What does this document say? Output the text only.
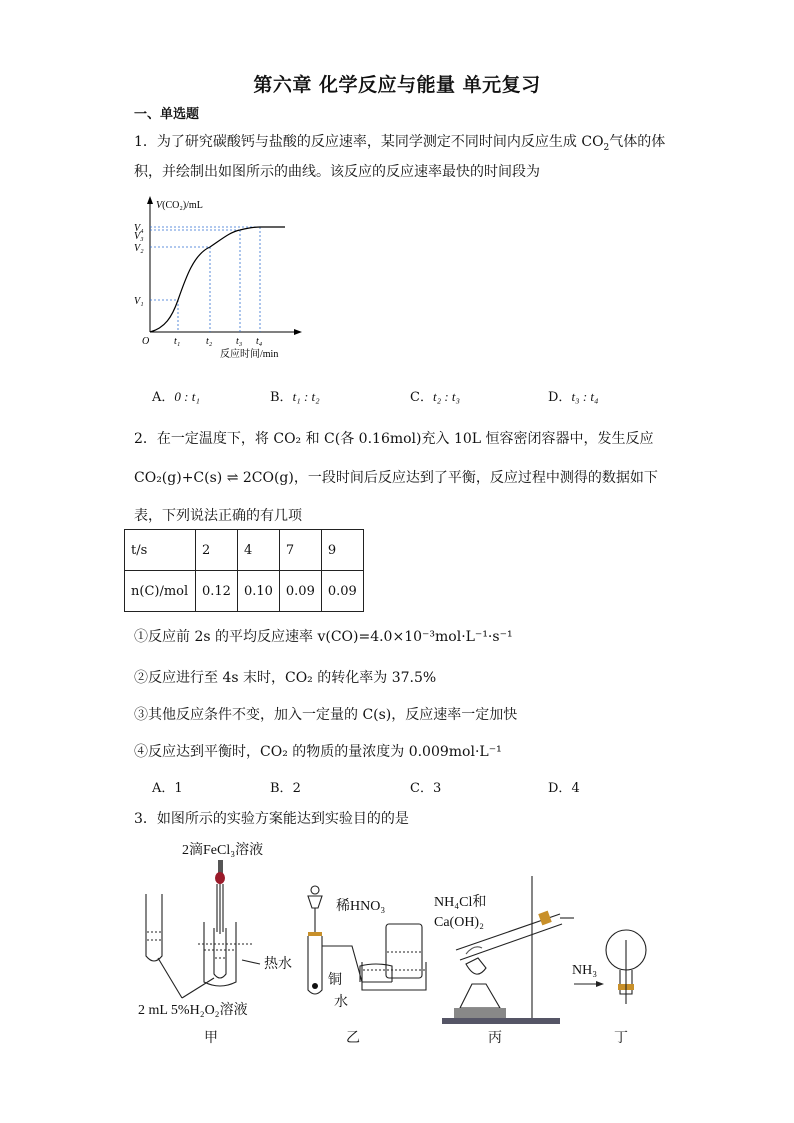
第六章 化学反应与能量 单元复习
一、单选题
1．为了研究碳酸钙与盐酸的反应速率，某同学测定不同时间内反应生成 $CO_2$气体的体
积，并绘制出如图所示的曲线。该反应的反应速率最快的时间段为
V(CO₂)/mL
V₄
V₃
V₂
V₁
O t₁	t₂ t₃ t₄
反应时间/min
A．0 : t₁	B．t₁ : t₂	C．t₂ : t₃	D．t₃ : t₄
2．在一定温度下，将 CO₂ 和 C(各 0.16mol)充入 10L 恒容密闭容器中，发生反应
CO₂(g)+C(s) ⇌ 2CO(g)，一段时间后反应达到了平衡，反应过程中测得的数据如下
表，下列说法正确的有几项
t/s	2	4	7	9
n(C)/mol	0.12	0.10	0.09	0.09
①反应前 2s 的平均反应速率 v(CO)=4.0×10⁻³mol·L⁻¹·s⁻¹
②反应进行至 4s 末时，CO₂ 的转化率为 37.5%
③其他反应条件不变，加入一定量的 C(s)，反应速率一定加快
④反应达到平衡时，CO₂ 的物质的量浓度为 0.009mol·L⁻¹
A．1	B．2	C．3	D．4
3．如图所示的实验方案能达到实验目的的是
2滴FeCl₃溶液
热水
2 mL 5%H₂O₂溶液
甲
稀HNO₃
铜
水
乙
NH₄Cl和
Ca(OH)₂
丙
NH₃
丁
